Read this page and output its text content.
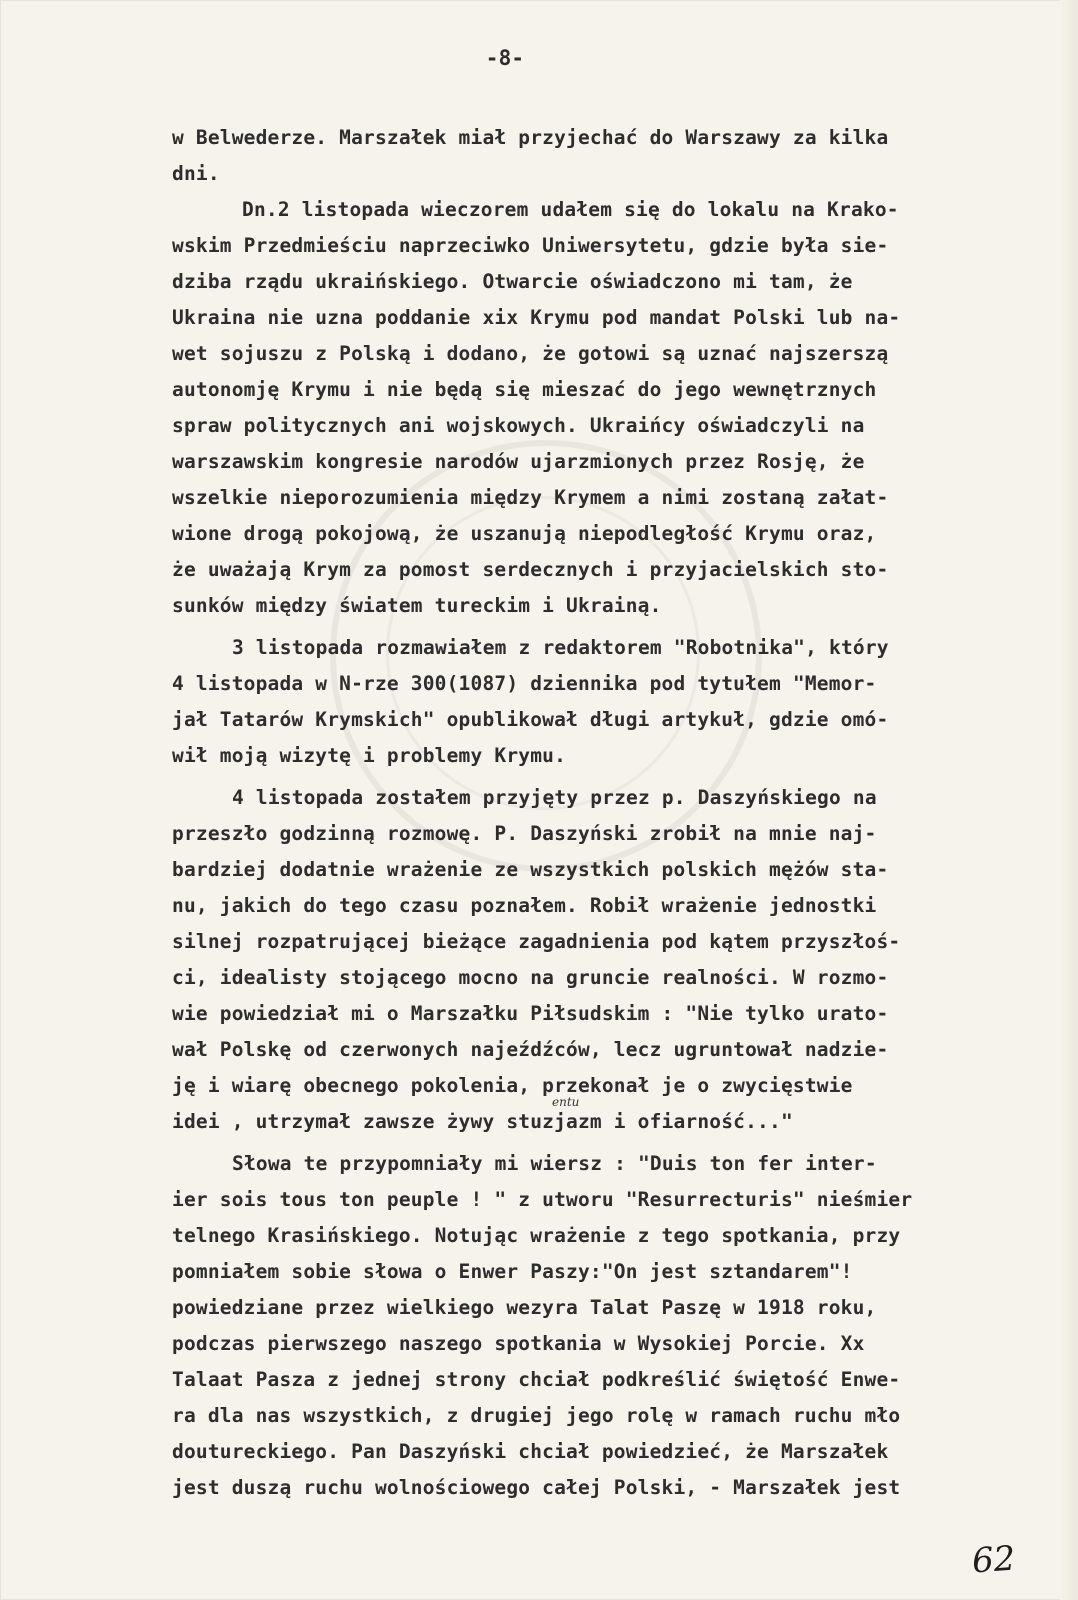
-8-
w Belwederze. Marszałek miał przyjechać do Warszawy za kilka
dni.
Dn.2 listopada wieczorem udałem się do lokalu na Krako-
wskim Przedmieściu naprzeciwko Uniwersytetu, gdzie była sie-
dziba rządu ukraińskiego. Otwarcie oświadczono mi tam, że
Ukraina nie uzna poddanie xix Krymu pod mandat Polski lub na-
wet sojuszu z Polską i dodano, że gotowi są uznać najszerszą
autonomję Krymu i nie będą się mieszać do jego wewnętrznych
spraw politycznych ani wojskowych. Ukraińcy oświadczyli na
warszawskim kongresie narodów ujarzmionych przez Rosję, że
wszelkie nieporozumienia między Krymem a nimi zostaną załat-
wione drogą pokojową, że uszanują niepodległość Krymu oraz,
że uważają Krym za pomost serdecznych i przyjacielskich sto-
sunków między światem tureckim i Ukrainą.
3 listopada rozmawiałem z redaktorem "Robotnika", który
4 listopada w N-rze 300(1087) dziennika pod tytułem "Memor-
jał Tatarów Krymskich" opublikował długi artykuł, gdzie omó-
wił moją wizytę i problemy Krymu.
4 listopada zostałem przyjęty przez p. Daszyńskiego na
przeszło godzinną rozmowę. P. Daszyński zrobił na mnie naj-
bardziej dodatnie wrażenie ze wszystkich polskich mężów sta-
nu, jakich do tego czasu poznałem. Robił wrażenie jednostki
silnej rozpatrującej bieżące zagadnienia pod kątem przyszłoś-
ci, idealisty stojącego mocno na gruncie realności. W rozmo-
wie powiedział mi o Marszałku Piłsudskim : "Nie tylko urato-
wał Polskę od czerwonych najeźdźców, lecz ugruntował nadzie-
ję i wiarę obecnego pokolenia, przekonał je o zwycięstwie
idei , utrzymał zawsze żywy stuzjazm i ofiarność..."
Słowa te przypomniały mi wiersz : "Duis ton fer inter-
ier sois tous ton peuple ! " z utworu "Resurrecturis" nieśmier
telnego Krasińskiego. Notując wrażenie z tego spotkania, przy
pomniałem sobie słowa o Enwer Paszy:"On jest sztandarem"!
powiedziane przez wielkiego wezyra Talat Paszę w 1918 roku,
podczas pierwszego naszego spotkania w Wysokiej Porcie. Xx
Talaat Pasza z jednej strony chciał podkreślić świętość Enwe-
ra dla nas wszystkich, z drugiej jego rolę w ramach ruchu mło
doutureckiego. Pan Daszyński chciał powiedzieć, że Marszałek
jest duszą ruchu wolnościowego całej Polski, - Marszałek jest
entu
62
